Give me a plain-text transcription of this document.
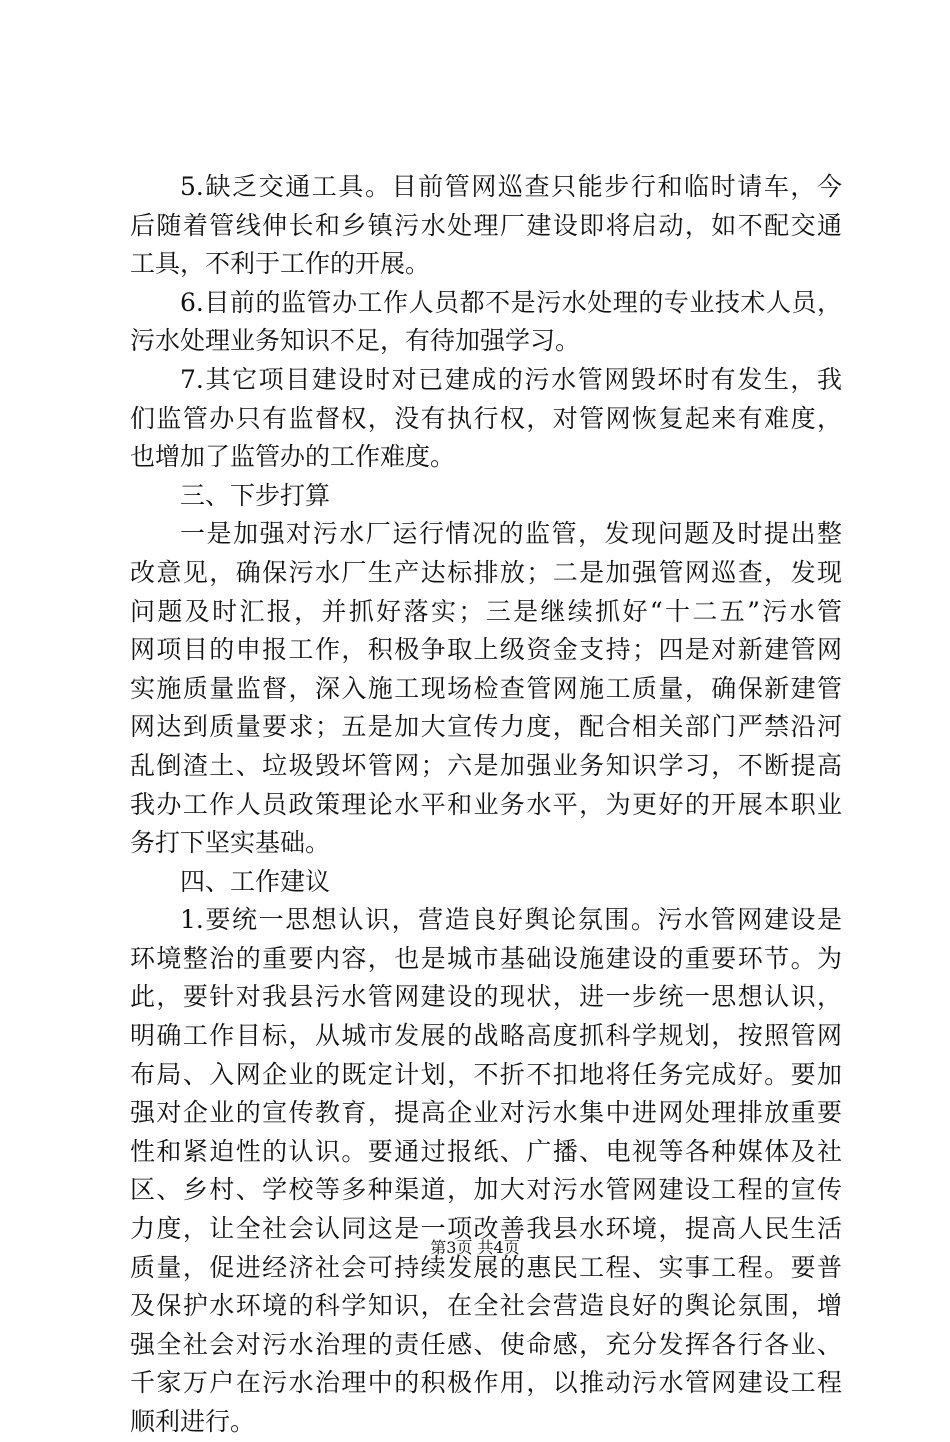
5.缺乏交通工具。目前管网巡查只能步行和临时请车，今
后随着管线伸长和乡镇污水处理厂建设即将启动，如不配交通
工具，不利于工作的开展。
6.目前的监管办工作人员都不是污水处理的专业技术人员，
污水处理业务知识不足，有待加强学习。
7.其它项目建设时对已建成的污水管网毁坏时有发生，我
们监管办只有监督权，没有执行权，对管网恢复起来有难度，
也增加了监管办的工作难度。
三、下步打算
一是加强对污水厂运行情况的监管，发现问题及时提出整
改意见，确保污水厂生产达标排放；二是加强管网巡查，发现
问题及时汇报，并抓好落实；三是继续抓好“十二五”污水管
网项目的申报工作，积极争取上级资金支持；四是对新建管网
实施质量监督，深入施工现场检查管网施工质量，确保新建管
网达到质量要求；五是加大宣传力度，配合相关部门严禁沿河
乱倒渣土、垃圾毁坏管网；六是加强业务知识学习，不断提高
我办工作人员政策理论水平和业务水平，为更好的开展本职业
务打下坚实基础。
四、工作建议
1.要统一思想认识，营造良好舆论氛围。污水管网建设是
环境整治的重要内容，也是城市基础设施建设的重要环节。为
此，要针对我县污水管网建设的现状，进一步统一思想认识，
明确工作目标，从城市发展的战略高度抓科学规划，按照管网
布局、入网企业的既定计划，不折不扣地将任务完成好。要加
强对企业的宣传教育，提高企业对污水集中进网处理排放重要
性和紧迫性的认识。要通过报纸、广播、电视等各种媒体及社
区、乡村、学校等多种渠道，加大对污水管网建设工程的宣传
力度，让全社会认同这是一项改善我县水环境，提高人民生活
质量，促进经济社会可持续发展的惠民工程、实事工程。要普
及保护水环境的科学知识，在全社会营造良好的舆论氛围，增
强全社会对污水治理的责任感、使命感，充分发挥各行各业、
千家万户在污水治理中的积极作用，以推动污水管网建设工程
顺利进行。
第3页 共4页
